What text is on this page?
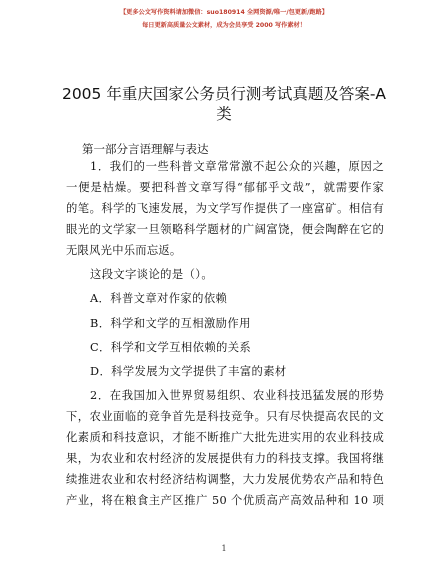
【更多公文写作资料请加微信：suo180914 全网资源/唯一/包更新/跑路】
每日更新高质量公文素材，成为会员享受 2000 写作素材！
2005 年重庆国家公务员行测考试真题及答案-A
类
第一部分言语理解与表达
1．我们的一些科普文章常常激不起公众的兴趣，原因之
一便是枯燥。要把科普文章写得“郁郁乎文哉”，就需要作家
的笔。科学的飞速发展，为文学写作提供了一座富矿。相信有
眼光的文学家一旦领略科学题材的广阔富饶，便会陶醉在它的
无限风光中乐而忘返。
这段文字谈论的是（）。
A．科普文章对作家的依赖
B．科学和文学的互相激励作用
C．科学和文学互相依赖的关系
D．科学发展为文学提供了丰富的素材
2．在我国加入世界贸易组织、农业科技迅猛发展的形势
下，农业面临的竞争首先是科技竞争。只有尽快提高农民的文
化素质和科技意识，才能不断推广大批先进实用的农业科技成
果，为农业和农村经济的发展提供有力的科技支撑。我国将继
续推进农业和农村经济结构调整，大力发展优势农产品和特色
产业，将在粮食主产区推广 50 个优质高产高效品种和 10 项
1
